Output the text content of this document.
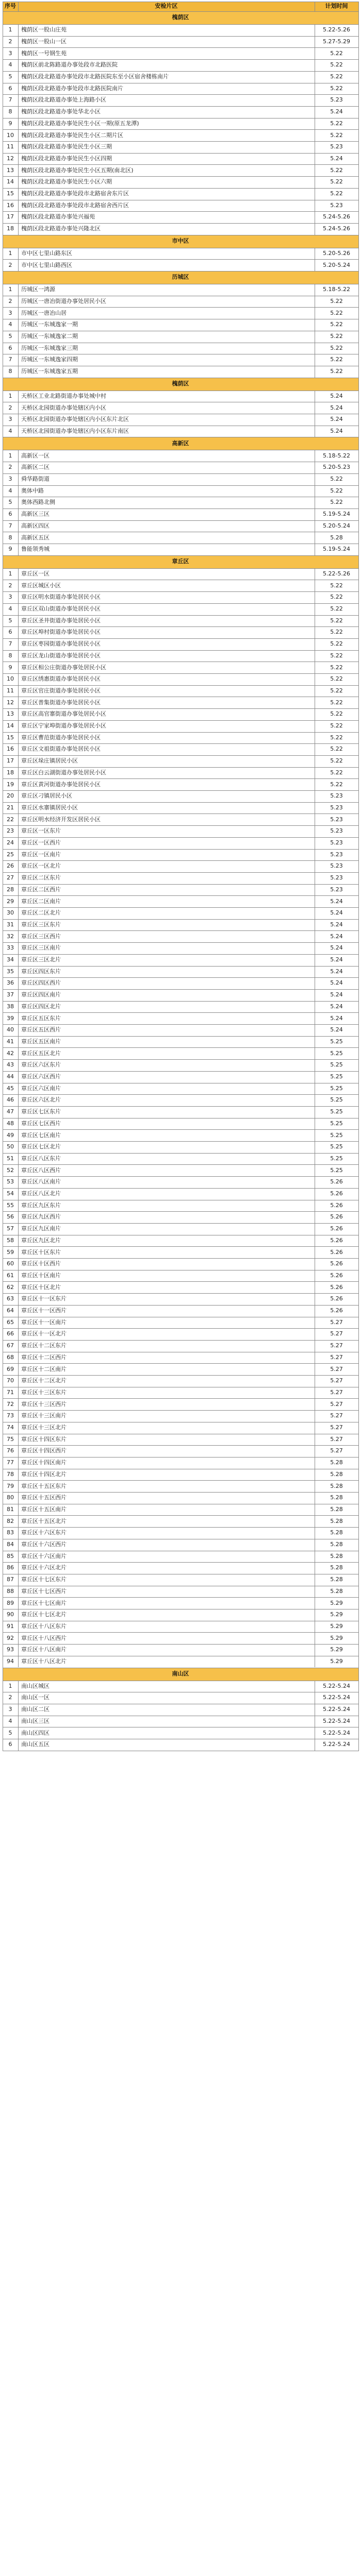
序号	安检片区	计划时间
槐荫区
1	槐荫区一股山庄苑	5.22-5.26
2	槐荫区一股山一区	5.27-5.29
3	槐荫区一号钢生苑	5.22
4	槐荫区前北陈路道办事处段市北路医院	5.22
5	槐荫区段北路道办事处段市北路医院东至小区宿舍楼栋南片	5.22
6	槐荫区段北路道办事处段市北路医院南片	5.22
7	槐荫区段北路道办事处上海路小区	5.23
8	槐荫区段北路道办事处华北小区	5.24
9	槐荫区段北路道办事处民生小区一期(原五龙潭)	5.22
10	槐荫区段北路道办事处民生小区二期片区	5.22
11	槐荫区段北路道办事处民生小区三期	5.23
12	槐荫区段北路道办事处民生小区四期	5.24
13	槐荫区段北路道办事处民生小区五期(南北区)	5.22
14	槐荫区段北路道办事处民生小区六期	5.22
15	槐荫区段北路道办事处段市北路宿舍东片区	5.22
16	槐荫区段北路道办事处段市北路宿舍西片区	5.23
17	槐荫区段北路道办事处兴福苑	5.24-5.26
18	槐荫区段北路道办事处兴隆北区	5.24-5.26
市中区
1	市中区七里山路东区	5.20-5.26
2	市中区七里山路西区	5.20-5.24
历城区
1	历城区一鸿源	5.18-5.22
2	历城区一唐冶街道办事处居民小区	5.22
3	历城区一唐冶山居	5.22
4	历城区一东城逸家一期	5.22
5	历城区一东城逸家二期	5.22
6	历城区一东城逸家三期	5.22
7	历城区一东城逸家四期	5.22
8	历城区一东城逸家五期	5.22
槐荫区
1	天桥区工业北路街道办事处城中村	5.24
2	天桥区北园街道办事处辖区内小区	5.24
3	天桥区北园街道办事处辖区内小区东片北区	5.24
4	天桥区北园街道办事处辖区内小区东片南区	5.24
高新区
1	高新区一区	5.18-5.22
2	高新区二区	5.20-5.23
3	舜华路街道	5.22
4	奥体中路	5.22
5	奥体西路北侧	5.22
6	高新区三区	5.19-5.24
7	高新区四区	5.20-5.24
8	高新区五区	5.28
9	鲁能领秀城	5.19-5.24
章丘区
1	章丘区一区	5.22-5.26
2	章丘区城区小区	5.22
3	章丘区明水街道办事处居民小区	5.22
4	章丘区双山街道办事处居民小区	5.22
5	章丘区圣井街道办事处居民小区	5.22
6	章丘区埠村街道办事处居民小区	5.22
7	章丘区枣园街道办事处居民小区	5.22
8	章丘区龙山街道办事处居民小区	5.22
9	章丘区相公庄街道办事处居民小区	5.22
10	章丘区绣惠街道办事处居民小区	5.22
11	章丘区官庄街道办事处居民小区	5.22
12	章丘区普集街道办事处居民小区	5.22
13	章丘区高官寨街道办事处居民小区	5.22
14	章丘区宁家埠街道办事处居民小区	5.22
15	章丘区曹范街道办事处居民小区	5.22
16	章丘区文祖街道办事处居民小区	5.22
17	章丘区垛庄镇居民小区	5.22
18	章丘区白云湖街道办事处居民小区	5.22
19	章丘区黄河街道办事处居民小区	5.22
20	章丘区刁镇居民小区	5.23
21	章丘区水寨镇居民小区	5.23
22	章丘区明水经济开发区居民小区	5.23
23	章丘区一区东片	5.23
24	章丘区一区西片	5.23
25	章丘区一区南片	5.23
26	章丘区一区北片	5.23
27	章丘区二区东片	5.23
28	章丘区二区西片	5.23
29	章丘区二区南片	5.24
30	章丘区二区北片	5.24
31	章丘区三区东片	5.24
32	章丘区三区西片	5.24
33	章丘区三区南片	5.24
34	章丘区三区北片	5.24
35	章丘区四区东片	5.24
36	章丘区四区西片	5.24
37	章丘区四区南片	5.24
38	章丘区四区北片	5.24
39	章丘区五区东片	5.24
40	章丘区五区西片	5.24
41	章丘区五区南片	5.25
42	章丘区五区北片	5.25
43	章丘区六区东片	5.25
44	章丘区六区西片	5.25
45	章丘区六区南片	5.25
46	章丘区六区北片	5.25
47	章丘区七区东片	5.25
48	章丘区七区西片	5.25
49	章丘区七区南片	5.25
50	章丘区七区北片	5.25
51	章丘区八区东片	5.25
52	章丘区八区西片	5.25
53	章丘区八区南片	5.26
54	章丘区八区北片	5.26
55	章丘区九区东片	5.26
56	章丘区九区西片	5.26
57	章丘区九区南片	5.26
58	章丘区九区北片	5.26
59	章丘区十区东片	5.26
60	章丘区十区西片	5.26
61	章丘区十区南片	5.26
62	章丘区十区北片	5.26
63	章丘区十一区东片	5.26
64	章丘区十一区西片	5.26
65	章丘区十一区南片	5.27
66	章丘区十一区北片	5.27
67	章丘区十二区东片	5.27
68	章丘区十二区西片	5.27
69	章丘区十二区南片	5.27
70	章丘区十二区北片	5.27
71	章丘区十三区东片	5.27
72	章丘区十三区西片	5.27
73	章丘区十三区南片	5.27
74	章丘区十三区北片	5.27
75	章丘区十四区东片	5.27
76	章丘区十四区西片	5.27
77	章丘区十四区南片	5.28
78	章丘区十四区北片	5.28
79	章丘区十五区东片	5.28
80	章丘区十五区西片	5.28
81	章丘区十五区南片	5.28
82	章丘区十五区北片	5.28
83	章丘区十六区东片	5.28
84	章丘区十六区西片	5.28
85	章丘区十六区南片	5.28
86	章丘区十六区北片	5.28
87	章丘区十七区东片	5.28
88	章丘区十七区西片	5.28
89	章丘区十七区南片	5.29
90	章丘区十七区北片	5.29
91	章丘区十八区东片	5.29
92	章丘区十八区西片	5.29
93	章丘区十八区南片	5.29
94	章丘区十八区北片	5.29
南山区
1	南山区城区	5.22-5.24
2	南山区一区	5.22-5.24
3	南山区二区	5.22-5.24
4	南山区三区	5.22-5.24
5	南山区四区	5.22-5.24
6	南山区五区	5.22-5.24
